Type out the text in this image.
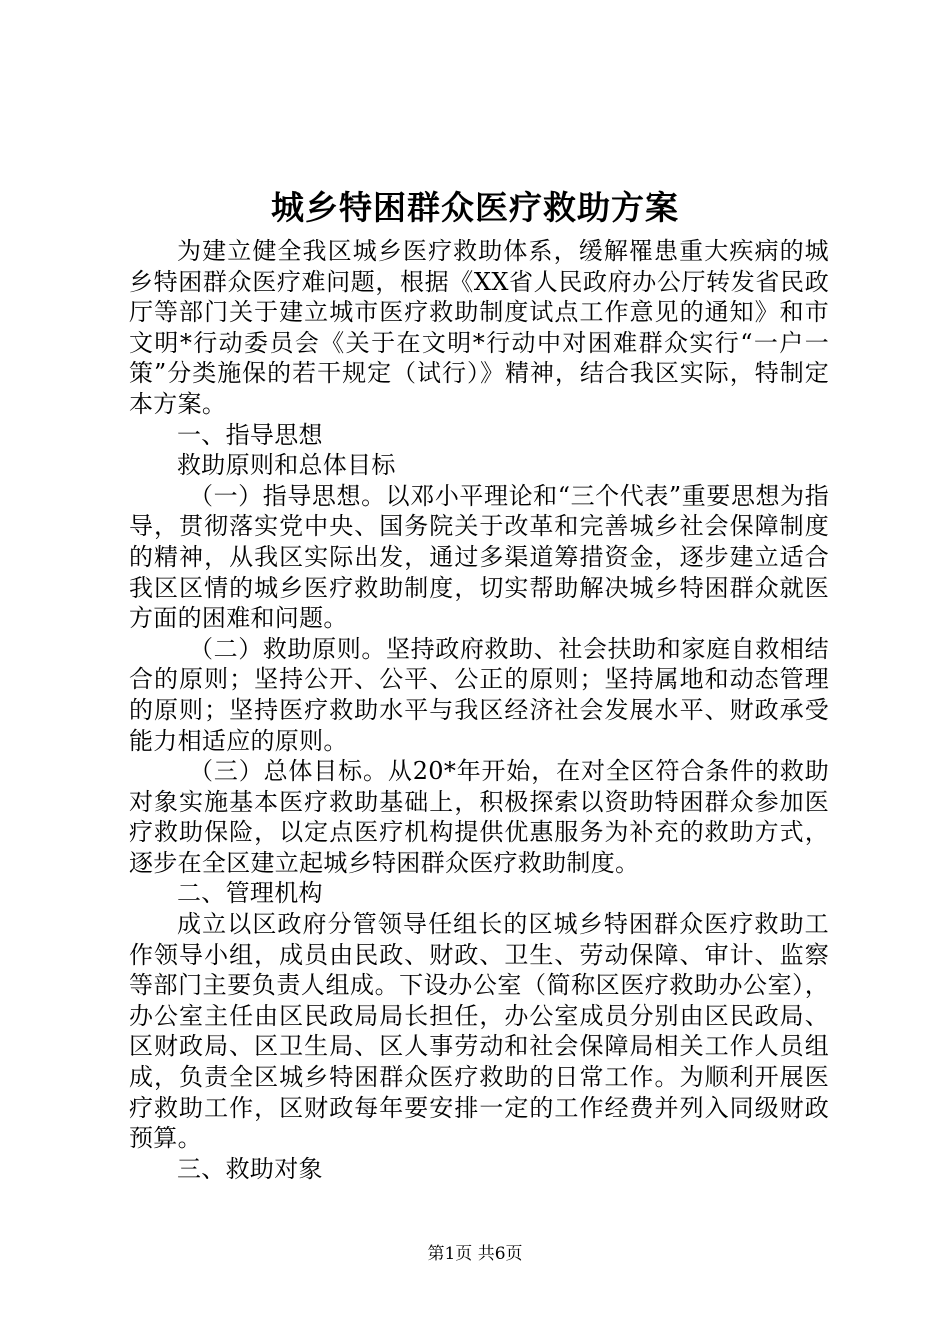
城乡特困群众医疗救助方案

为建立健全我区城乡医疗救助体系，缓解罹患重大疾病的城乡特困群众医疗难问题，根据《XX省人民政府办公厅转发省民政厅等部门关于建立城市医疗救助制度试点工作意见的通知》和市文明*行动委员会《关于在文明*行动中对困难群众实行“一户一策”分类施保的若干规定（试行）》精神，结合我区实际，特制定本方案。

一、指导思想

救助原则和总体目标

（一）指导思想。以邓小平理论和“三个代表”重要思想为指导，贯彻落实党中央、国务院关于改革和完善城乡社会保障制度的精神，从我区实际出发，通过多渠道筹措资金，逐步建立适合我区区情的城乡医疗救助制度，切实帮助解决城乡特困群众就医方面的困难和问题。

（二）救助原则。坚持政府救助、社会扶助和家庭自救相结合的原则；坚持公开、公平、公正的原则；坚持属地和动态管理的原则；坚持医疗救助水平与我区经济社会发展水平、财政承受能力相适应的原则。

（三）总体目标。从20*年开始，在对全区符合条件的救助对象实施基本医疗救助基础上，积极探索以资助特困群众参加医疗救助保险，以定点医疗机构提供优惠服务为补充的救助方式，逐步在全区建立起城乡特困群众医疗救助制度。

二、管理机构

成立以区政府分管领导任组长的区城乡特困群众医疗救助工作领导小组，成员由民政、财政、卫生、劳动保障、审计、监察等部门主要负责人组成。下设办公室（简称区医疗救助办公室），办公室主任由区民政局局长担任，办公室成员分别由区民政局、区财政局、区卫生局、区人事劳动和社会保障局相关工作人员组成，负责全区城乡特困群众医疗救助的日常工作。为顺利开展医疗救助工作，区财政每年要安排一定的工作经费并列入同级财政预算。

三、救助对象

第1页 共6页
